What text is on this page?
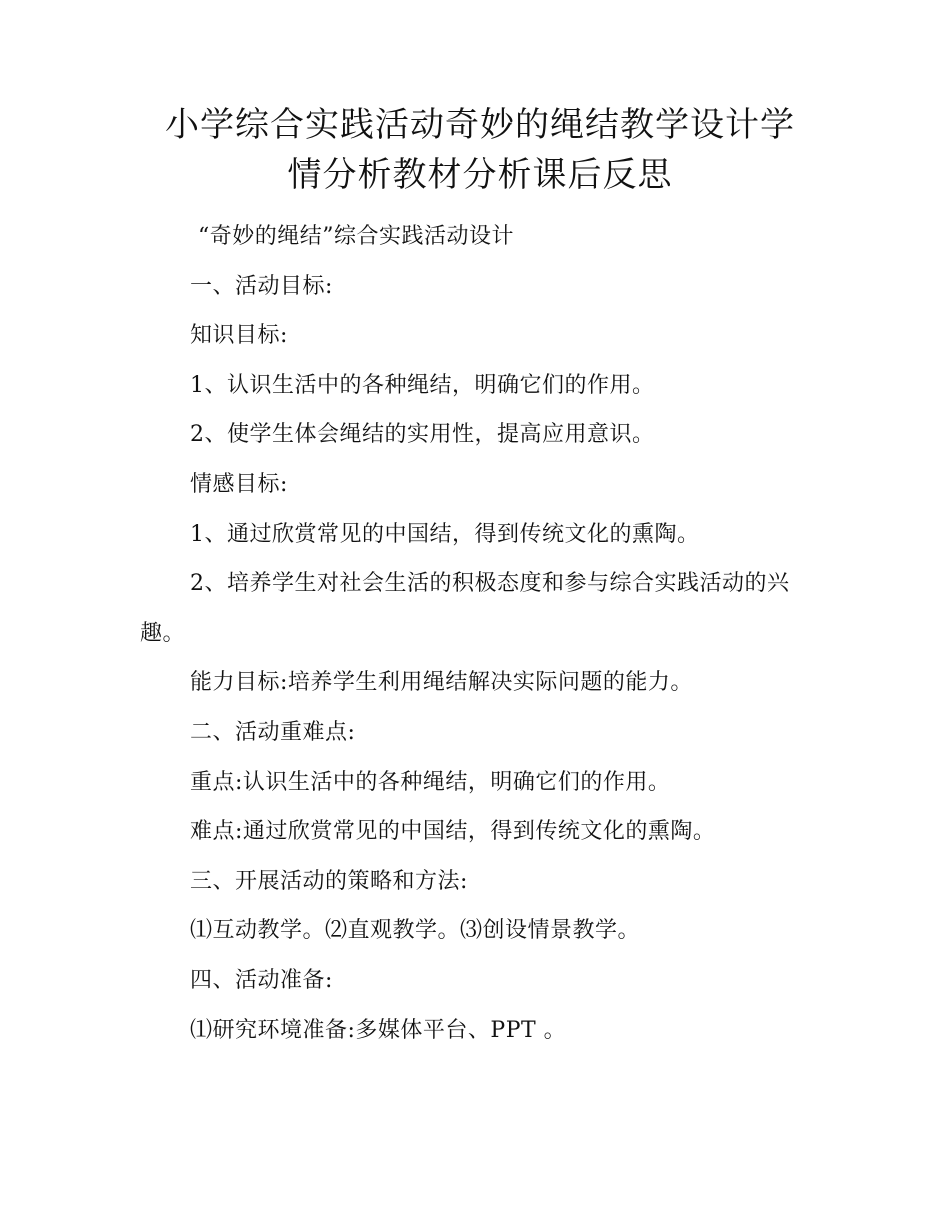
小学综合实践活动奇妙的绳结教学设计学
情分析教材分析课后反思

“奇妙的绳结”综合实践活动设计

一、活动目标:

知识目标:

1、认识生活中的各种绳结，明确它们的作用。

2、使学生体会绳结的实用性，提高应用意识。

情感目标:

1、通过欣赏常见的中国结，得到传统文化的熏陶。

2、培养学生对社会生活的积极态度和参与综合实践活动的兴趣。

能力目标:培养学生利用绳结解决实际问题的能力。

二、活动重难点:

重点:认识生活中的各种绳结，明确它们的作用。

难点:通过欣赏常见的中国结，得到传统文化的熏陶。

三、开展活动的策略和方法:

⑴互动教学。⑵直观教学。⑶创设情景教学。

四、活动准备:

⑴研究环境准备:多媒体平台、PPT 。
